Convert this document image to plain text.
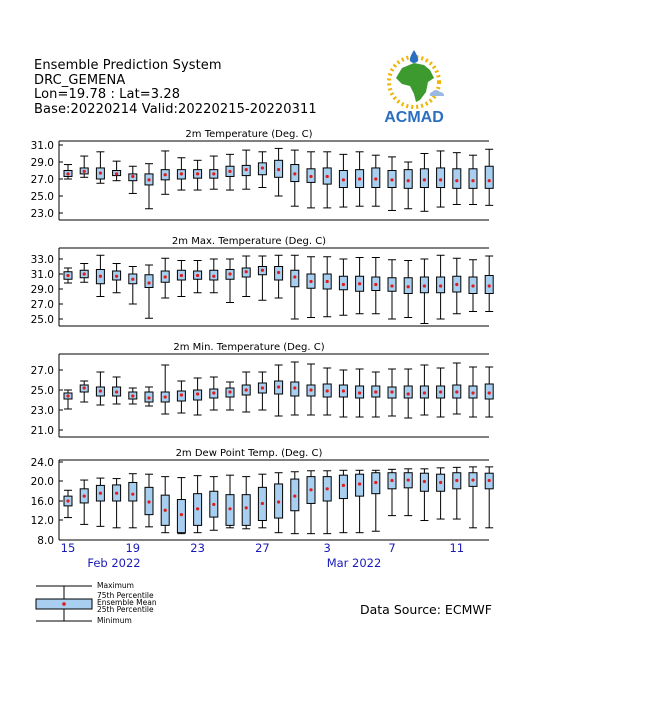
Ensemble Prediction System
DRC_GEMENA
Lon=19.78 : Lat=3.28
Base:20220214 Valid:20220215-20220311	ACMAD
2m Temperature (Deg. C)
31.0
29.0
27.0
25.0
23.0
2m Max. Temperature (Deg. C)
33.0
31.0
29.0
27.0
25.0
2m Min. Temperature (Deg. C)
27.0
25.0
23.0
21.0
2m Dew Point Temp. (Deg. C)
24.0
20.0
16.0
12.0
8.0 15	19	23	27	3	7	11
Feb 2022	Mar 2022
Maximum
75th Percentile
Ensemble Mean
25th Percentile
Minimum
Data Source: ECMWF
